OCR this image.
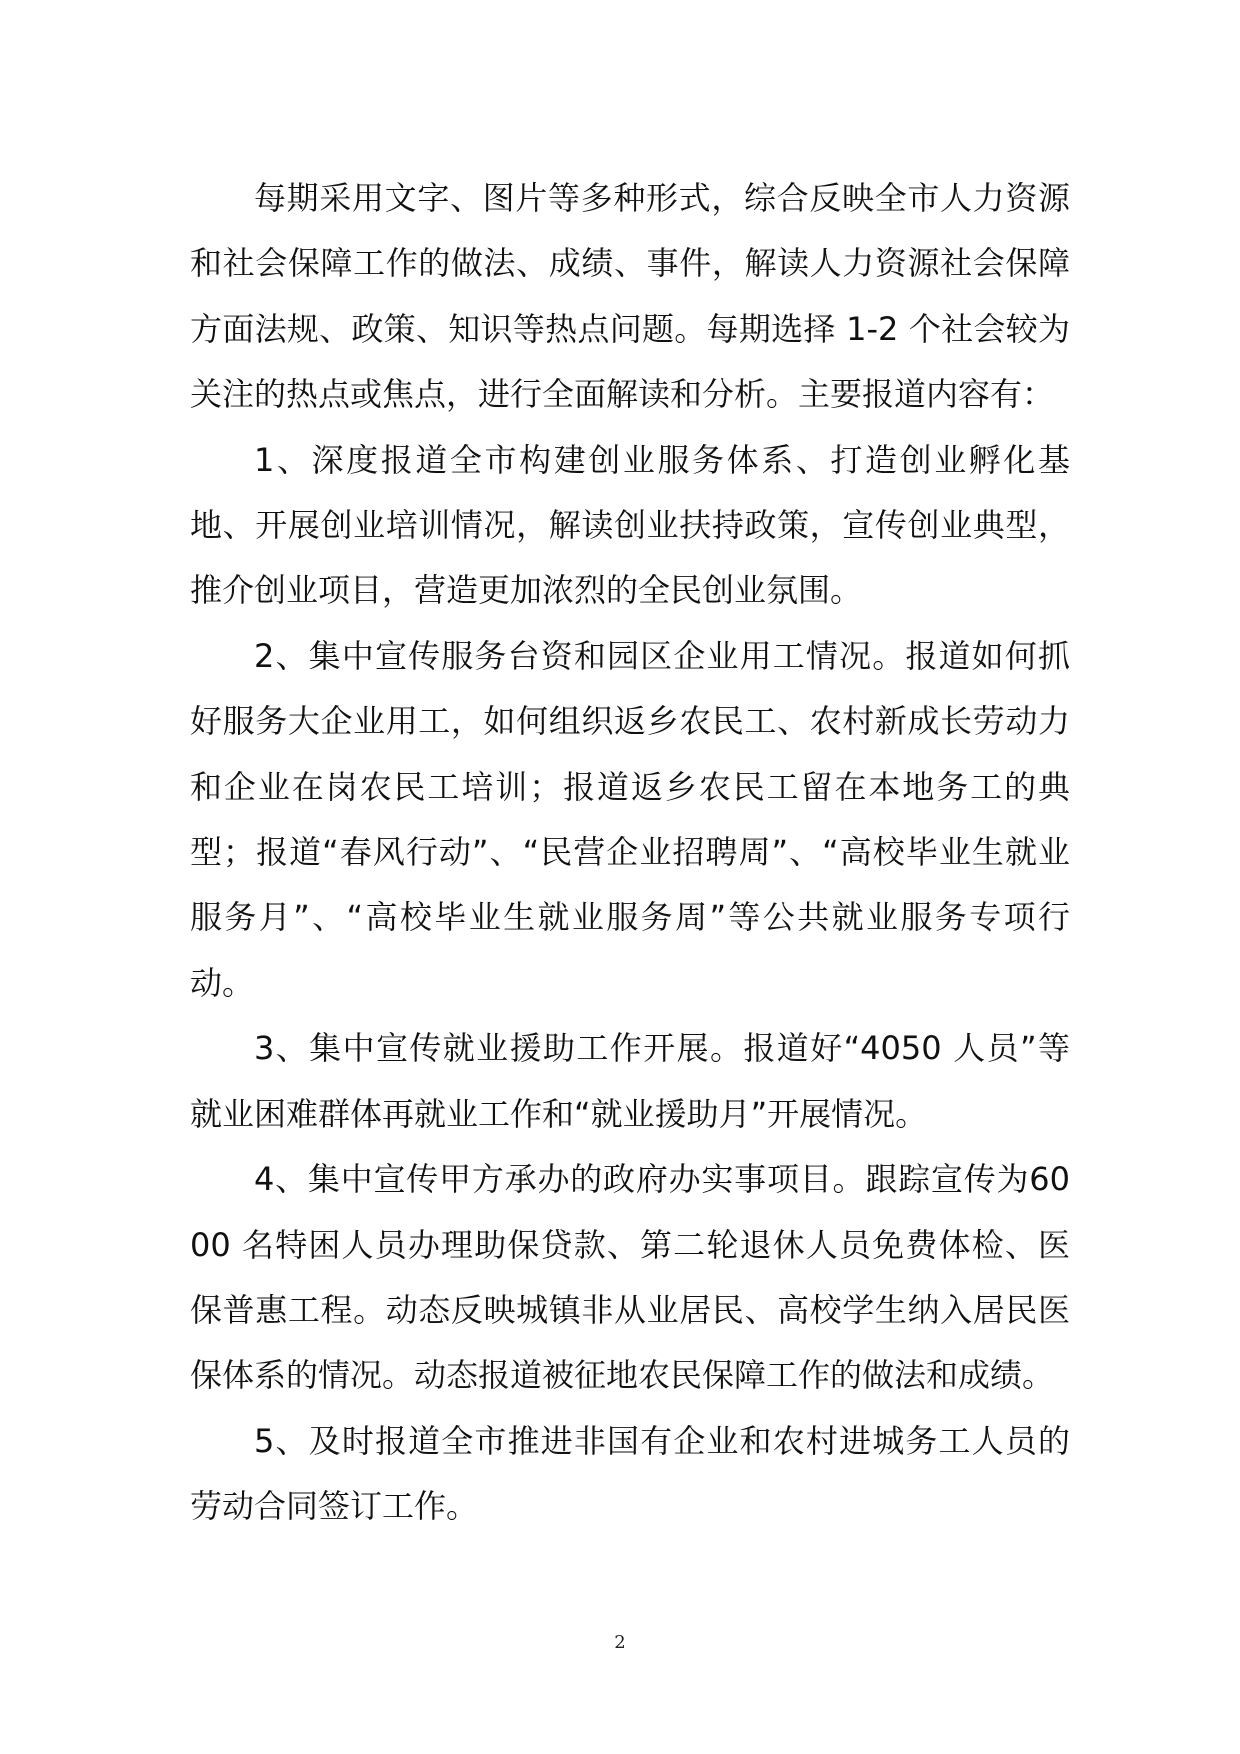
每期采用文字、图片等多种形式，综合反映全市人力资源和社会保障工作的做法、成绩、事件，解读人力资源社会保障方面法规、政策、知识等热点问题。每期选择 1-2 个社会较为关注的热点或焦点，进行全面解读和分析。主要报道内容有：

1、深度报道全市构建创业服务体系、打造创业孵化基地、开展创业培训情况，解读创业扶持政策，宣传创业典型，推介创业项目，营造更加浓烈的全民创业氛围。

2、集中宣传服务台资和园区企业用工情况。报道如何抓好服务大企业用工，如何组织返乡农民工、农村新成长劳动力和企业在岗农民工培训；报道返乡农民工留在本地务工的典型；报道“春风行动”、“民营企业招聘周”、“高校毕业生就业服务月”、“高校毕业生就业服务周”等公共就业服务专项行动。

3、集中宣传就业援助工作开展。报道好“4050 人员”等就业困难群体再就业工作和“就业援助月”开展情况。

4、集中宣传甲方承办的政府办实事项目。跟踪宣传为6000 名特困人员办理助保贷款、第二轮退休人员免费体检、医保普惠工程。动态反映城镇非从业居民、高校学生纳入居民医保体系的情况。动态报道被征地农民保障工作的做法和成绩。

5、及时报道全市推进非国有企业和农村进城务工人员的劳动合同签订工作。

2
